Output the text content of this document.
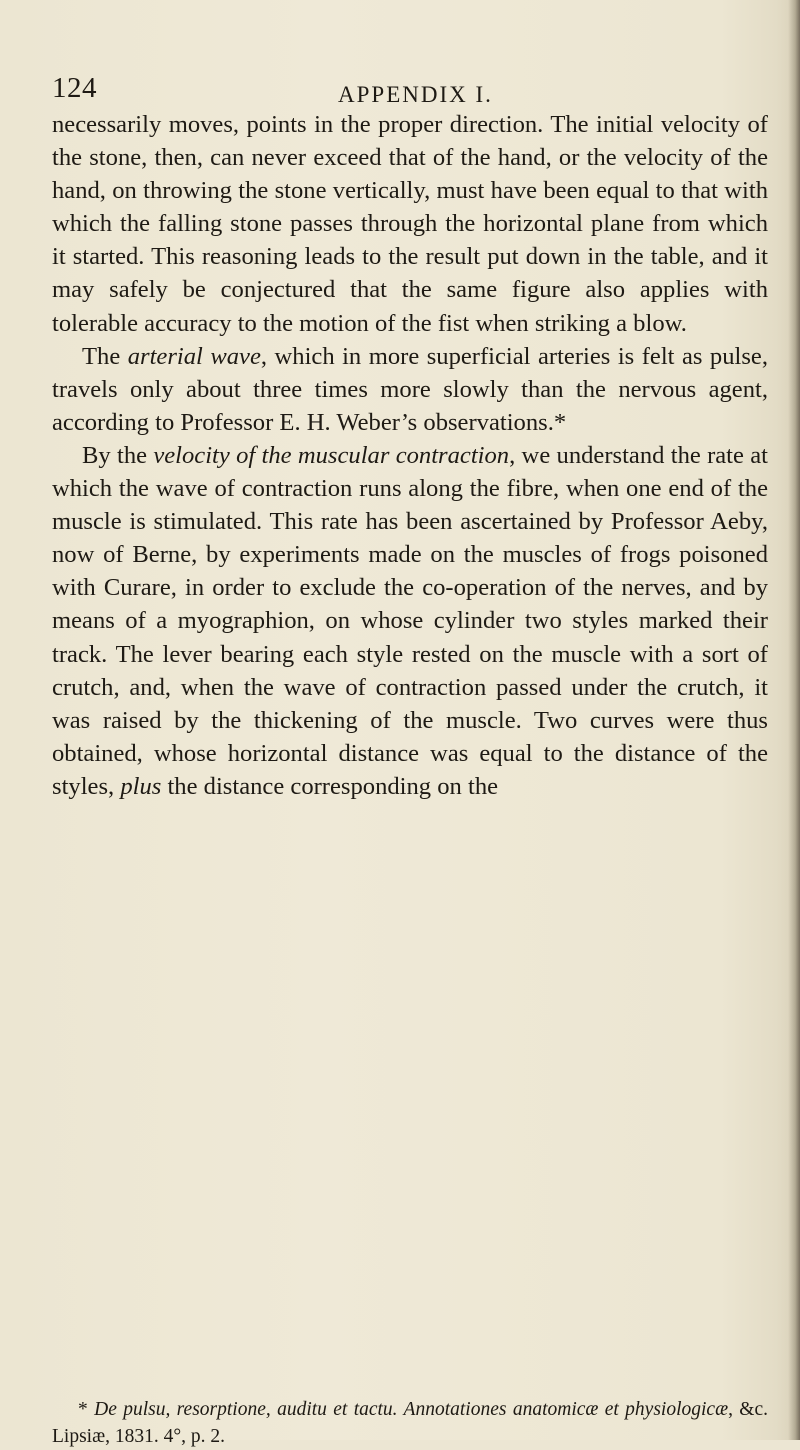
124	APPENDIX I.

necessarily moves, points in the proper direction. The initial velocity of the stone, then, can never exceed that of the hand, or the velocity of the hand, on throwing the stone vertically, must have been equal to that with which the falling stone passes through the horizontal plane from which it started. This reasoning leads to the result put down in the table, and it may safely be conjectured that the same figure also applies with tolerable accuracy to the motion of the fist when striking a blow.

The arterial wave, which in more superficial arteries is felt as pulse, travels only about three times more slowly than the nervous agent, according to Professor E. H. Weber’s observations.*

By the velocity of the muscular contraction, we understand the rate at which the wave of contraction runs along the fibre, when one end of the muscle is stimulated. This rate has been ascertained by Professor Aeby, now of Berne, by experiments made on the muscles of frogs poisoned with Curare, in order to exclude the co-operation of the nerves, and by means of a myographion, on whose cylinder two styles marked their track. The lever bearing each style rested on the muscle with a sort of crutch, and, when the wave of contraction passed under the crutch, it was raised by the thickening of the muscle. Two curves were thus obtained, whose horizontal distance was equal to the distance of the styles, plus the distance corresponding on the

* De pulsu, resorptione, auditu et tactu. Annotationes anatomicæ et physiologicæ, &c. Lipsiæ, 1831. 4°, p. 2.
